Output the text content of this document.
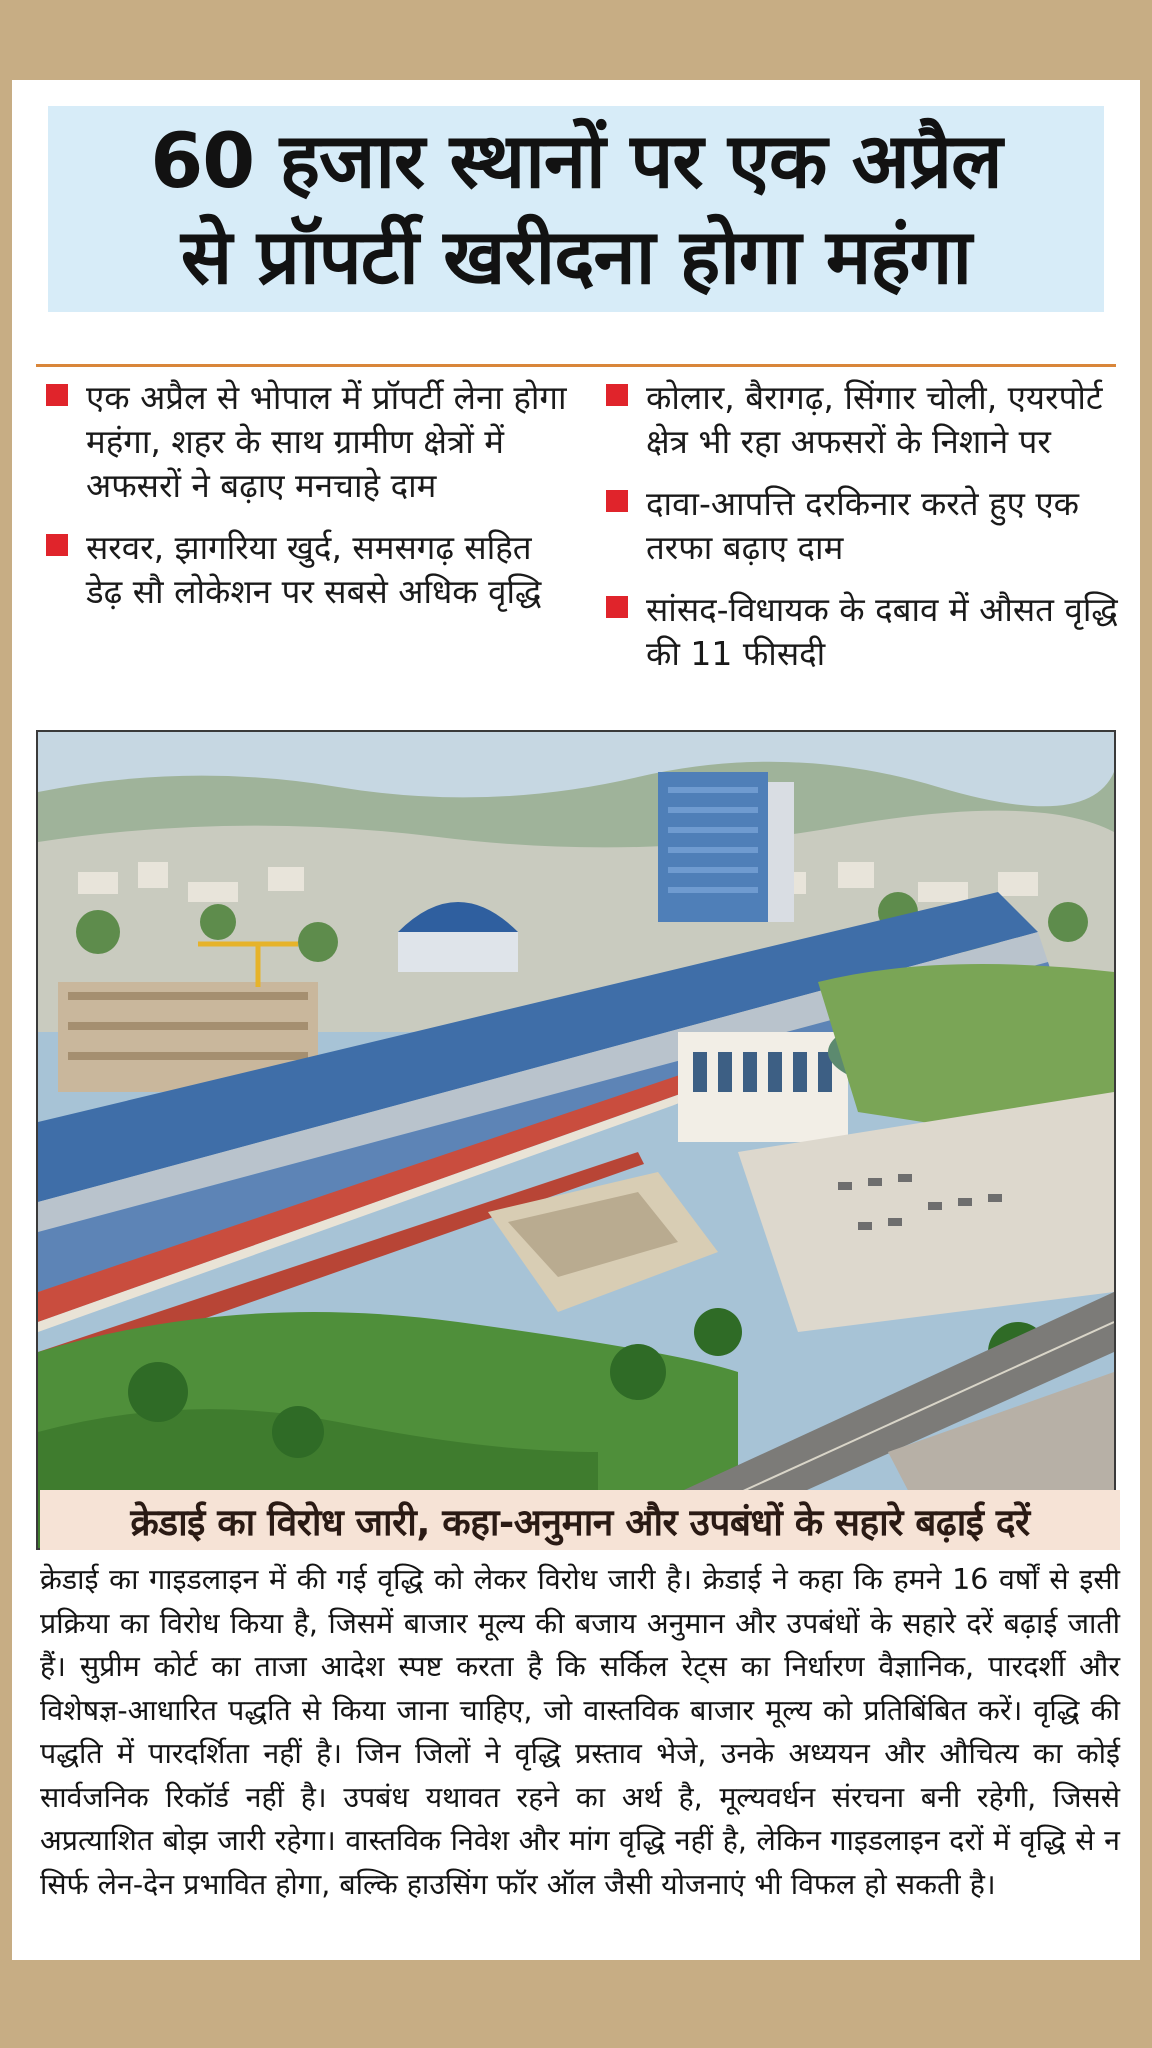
60 हजार स्थानों पर एक अप्रैल
से प्रॉपर्टी खरीदना होगा महंगा
एक अप्रैल से भोपाल में प्रॉपर्टी लेना होगा महंगा, शहर के साथ ग्रामीण क्षेत्रों में अफसरों ने बढ़ाए मनचाहे दाम
सरवर, झागरिया खुर्द, समसगढ़ सहित डेढ़ सौ लोकेशन पर सबसे अधिक वृद्धि
कोलार, बैरागढ़, सिंगार चोली, एयरपोर्ट क्षेत्र भी रहा अफसरों के निशाने पर
दावा-आपत्ति दरकिनार करते हुए एक तरफा बढ़ाए दाम
सांसद-विधायक के दबाव में औसत वृद्धि की 11 फीसदी
क्रेडाई का विरोध जारी, कहा-अनुमान और उपबंधों के सहारे बढ़ाई दरें

क्रेडाई का गाइडलाइन में की गई वृद्धि को लेकर विरोध जारी है। क्रेडाई ने कहा कि हमने 16 वर्षों से इसी प्रक्रिया का विरोध किया है, जिसमें बाजार मूल्य की बजाय अनुमान और उपबंधों के सहारे दरें बढ़ाई जाती हैं। सुप्रीम कोर्ट का ताजा आदेश स्पष्ट करता है कि सर्किल रेट्स का निर्धारण वैज्ञानिक, पारदर्शी और विशेषज्ञ-आधारित पद्धति से किया जाना चाहिए, जो वास्तविक बाजार मूल्य को प्रतिबिंबित करें। वृद्धि की पद्धति में पारदर्शिता नहीं है। जिन जिलों ने वृद्धि प्रस्ताव भेजे, उनके अध्ययन और औचित्य का कोई सार्वजनिक रिकॉर्ड नहीं है। उपबंध यथावत रहने का अर्थ है, मूल्यवर्धन संरचना बनी रहेगी, जिससे अप्रत्याशित बोझ जारी रहेगा। वास्तविक निवेश और मांग वृद्धि नहीं है, लेकिन गाइडलाइन दरों में वृद्धि से न सिर्फ लेन-देन प्रभावित होगा, बल्कि हाउसिंग फॉर ऑल जैसी योजनाएं भी विफल हो सकती है।
